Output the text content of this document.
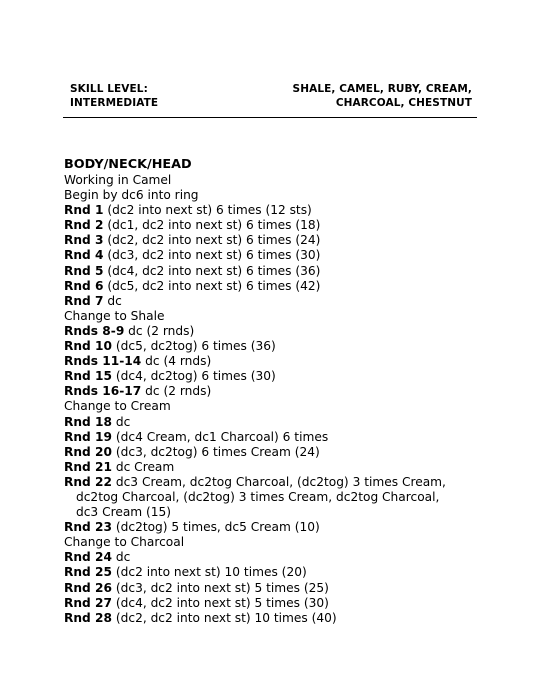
SKILL LEVEL:
INTERMEDIATE
SHALE, CAMEL, RUBY, CREAM,
CHARCOAL, CHESTNUT
BODY/NECK/HEAD
Working in Camel
Begin by dc6 into ring
Rnd 1 (dc2 into next st) 6 times (12 sts)
Rnd 2 (dc1, dc2 into next st) 6 times (18)
Rnd 3 (dc2, dc2 into next st) 6 times (24)
Rnd 4 (dc3, dc2 into next st) 6 times (30)
Rnd 5 (dc4, dc2 into next st) 6 times (36)
Rnd 6 (dc5, dc2 into next st) 6 times (42)
Rnd 7 dc
Change to Shale
Rnds 8-9 dc (2 rnds)
Rnd 10 (dc5, dc2tog) 6 times (36)
Rnds 11-14 dc (4 rnds)
Rnd 15 (dc4, dc2tog) 6 times (30)
Rnds 16-17 dc (2 rnds)
Change to Cream
Rnd 18 dc
Rnd 19 (dc4 Cream, dc1 Charcoal) 6 times
Rnd 20 (dc3, dc2tog) 6 times Cream (24)
Rnd 21 dc Cream
Rnd 22 dc3 Cream, dc2tog Charcoal, (dc2tog) 3 times Cream,
dc2tog Charcoal, (dc2tog) 3 times Cream, dc2tog Charcoal,
dc3 Cream (15)
Rnd 23 (dc2tog) 5 times, dc5 Cream (10)
Change to Charcoal
Rnd 24 dc
Rnd 25 (dc2 into next st) 10 times (20)
Rnd 26 (dc3, dc2 into next st) 5 times (25)
Rnd 27 (dc4, dc2 into next st) 5 times (30)
Rnd 28 (dc2, dc2 into next st) 10 times (40)
